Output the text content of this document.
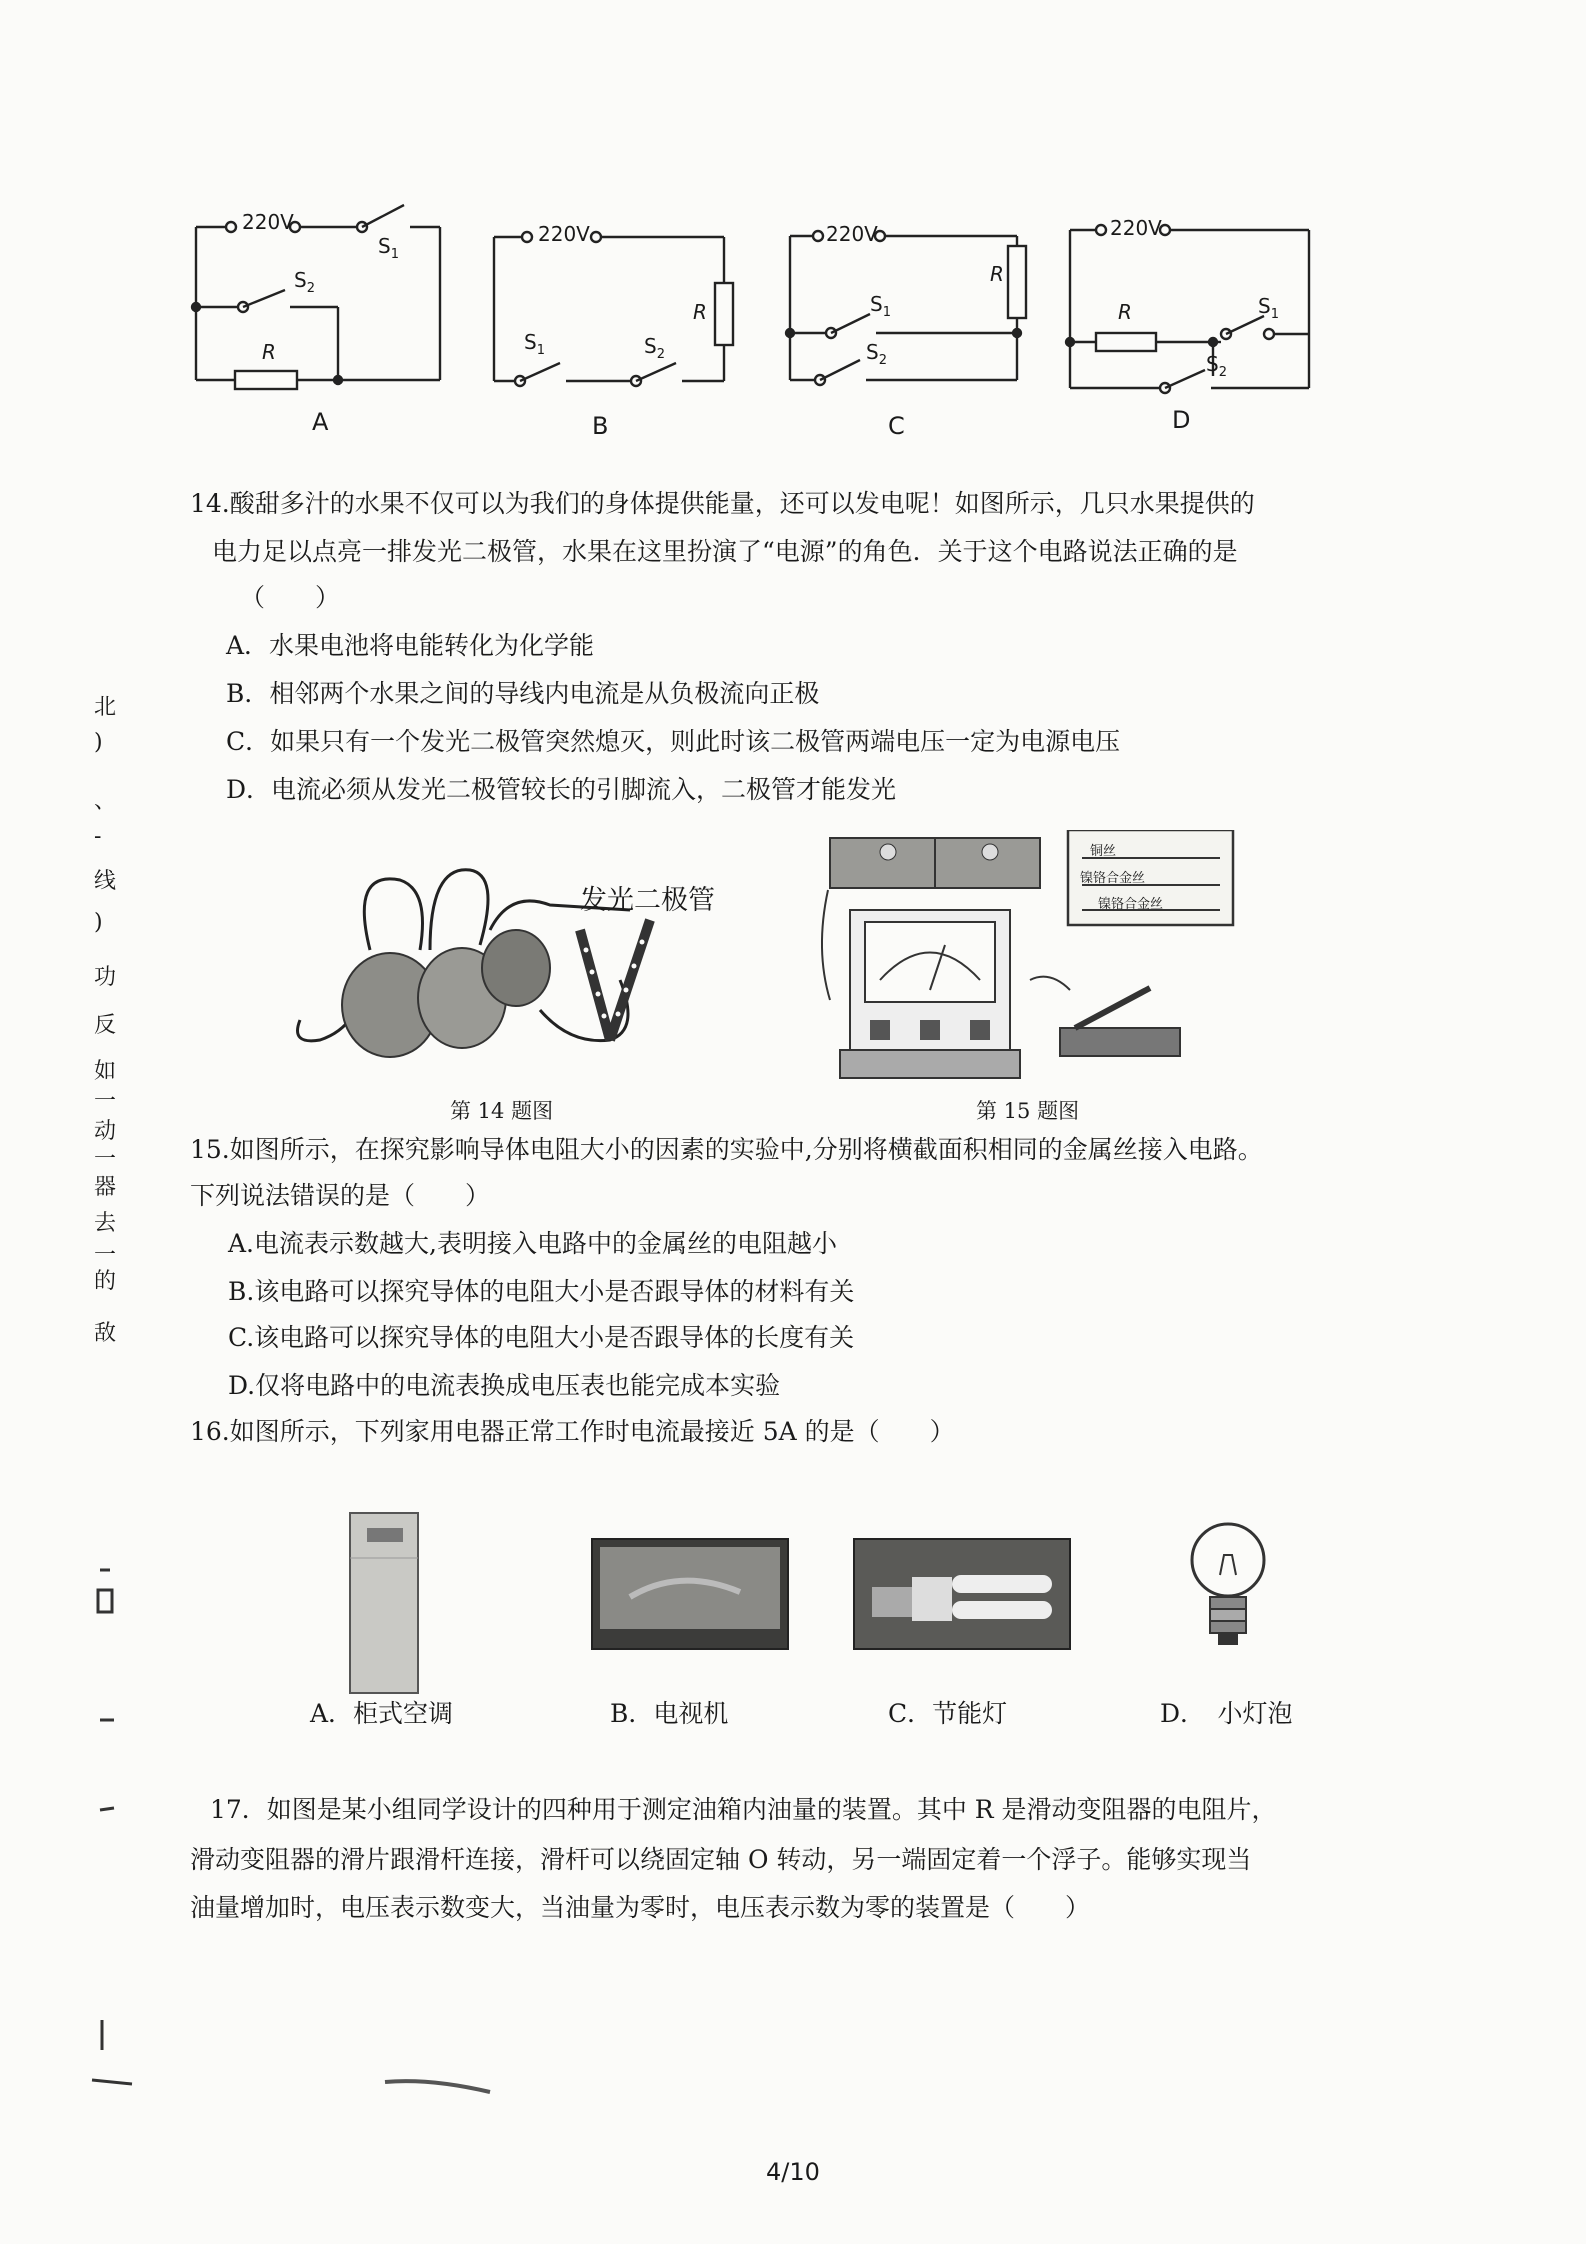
220V
$S_1$
$S_2$
R
A
220V
R
$S_1$	$S_2$
B
220V
R
$S_1$
$S_2$
C
220V
R	$S_1$
$S_2$
D
14.酸甜多汁的水果不仅可以为我们的身体提供能量，还可以发电呢！如图所示，几只水果提供的
电力足以点亮一排发光二极管，水果在这里扮演了“电源”的角色．关于这个电路说法正确的是
（　　）
A．水果电池将电能转化为化学能
B．相邻两个水果之间的导线内电流是从负极流向正极
C．如果只有一个发光二极管突然熄灭，则此时该二极管两端电压一定为电源电压
D．电流必须从发光二极管较长的引脚流入，二极管才能发光
发光二极管
第 14 题图
铜丝
镍铬合金丝
镍铬合金丝
第 15 题图
15.如图所示，在探究影响导体电阻大小的因素的实验中,分别将横截面积相同的金属丝接入电路。
下列说法错误的是（　　）
A.电流表示数越大,表明接入电路中的金属丝的电阻越小
B.该电路可以探究导体的电阻大小是否跟导体的材料有关
C.该电路可以探究导体的电阻大小是否跟导体的长度有关
D.仅将电路中的电流表换成电压表也能完成本实验
16.如图所示，下列家用电器正常工作时电流最接近 5A 的是（　　）
A．柜式空调	B．电视机	C．节能灯	D．　小灯泡
17．如图是某小组同学设计的四种用于测定油箱内油量的装置。其中 R 是滑动变阻器的电阻片，
滑动变阻器的滑片跟滑杆连接，滑杆可以绕固定轴 O 转动，另一端固定着一个浮子。能够实现当
油量增加时，电压表示数变大，当油量为零时，电压表示数为零的装置是（　　）
北
)
、
-
线
)
功
反
如
一
动
一
器
去
一
的
敌
4/10
